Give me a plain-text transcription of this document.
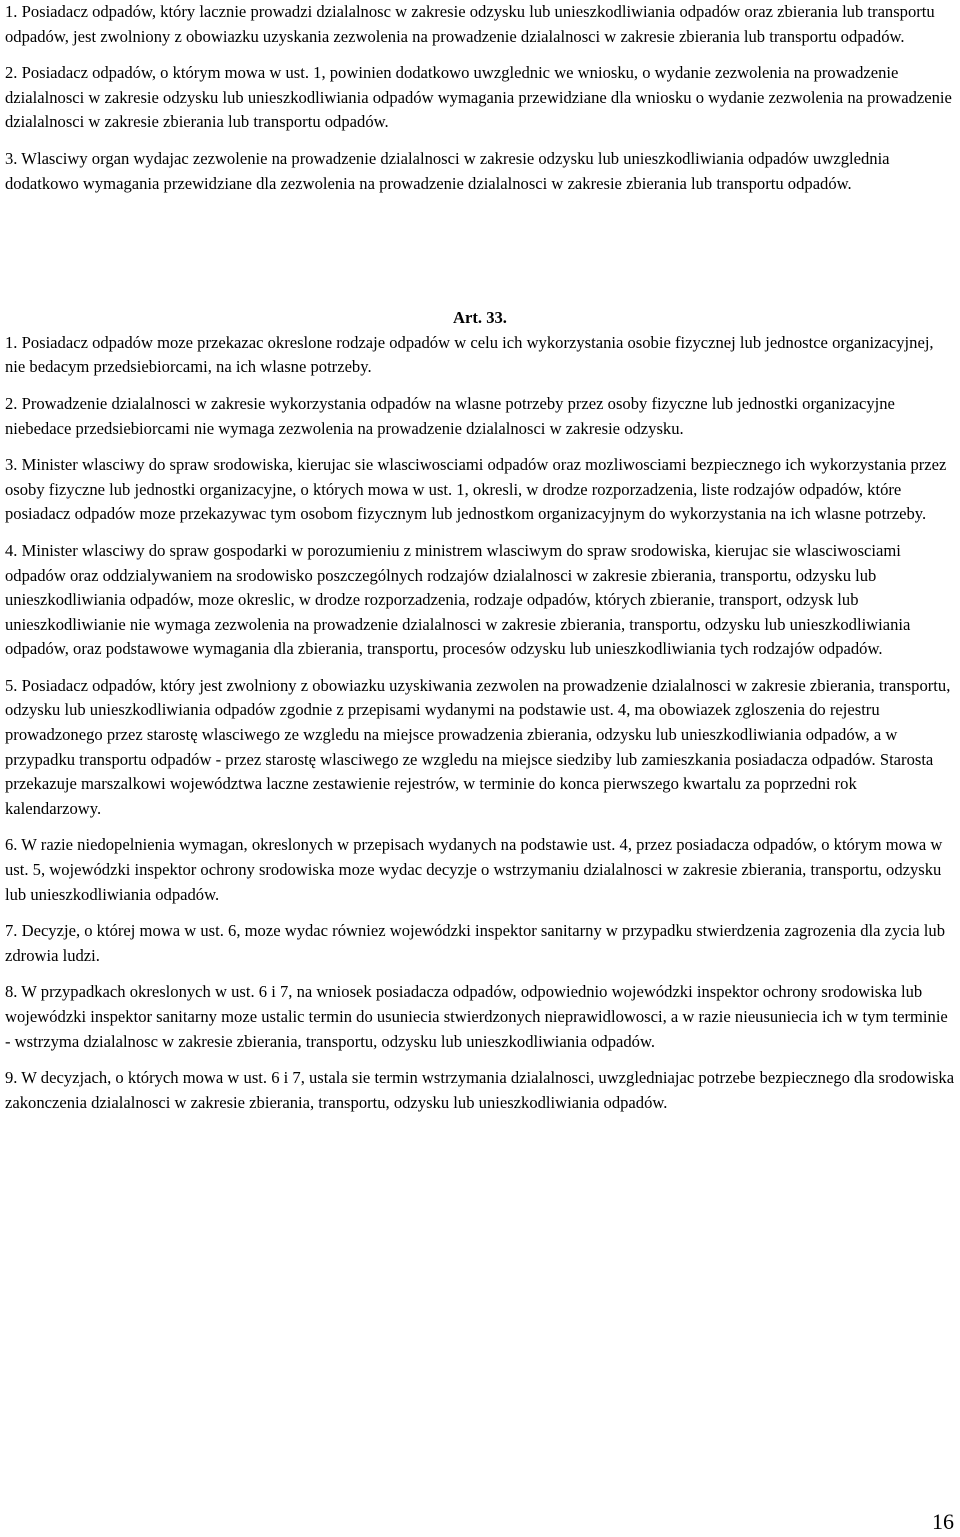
1. Posiadacz odpadów, który lacznie prowadzi dzialalnosc w zakresie odzysku lub unieszkodliwiania odpadów oraz zbierania lub transportu odpadów, jest zwolniony z obowiazku uzyskania zezwolenia na prowadzenie dzialalnosci w zakresie zbierania lub transportu odpadów.

2. Posiadacz odpadów, o którym mowa w ust. 1, powinien dodatkowo uwzglednic we wniosku, o wydanie zezwolenia na prowadzenie dzialalnosci w zakresie odzysku lub unieszkodliwiania odpadów wymagania przewidziane dla wniosku o wydanie zezwolenia na prowadzenie dzialalnosci w zakresie zbierania lub transportu odpadów.

3. Wlasciwy organ wydajac zezwolenie na prowadzenie dzialalnosci w zakresie odzysku lub unieszkodliwiania odpadów uwzglednia dodatkowo wymagania przewidziane dla zezwolenia na prowadzenie dzialalnosci w zakresie zbierania lub transportu odpadów.

Art. 33.

1. Posiadacz odpadów moze przekazac okreslone rodzaje odpadów w celu ich wykorzystania osobie fizycznej lub jednostce organizacyjnej, nie bedacym przedsiebiorcami, na ich wlasne potrzeby.

2. Prowadzenie dzialalnosci w zakresie wykorzystania odpadów na wlasne potrzeby przez osoby fizyczne lub jednostki organizacyjne niebedace przedsiebiorcami nie wymaga zezwolenia na prowadzenie dzialalnosci w zakresie odzysku.

3. Minister wlasciwy do spraw srodowiska, kierujac sie wlasciwosciami odpadów oraz mozliwosciami bezpiecznego ich wykorzystania przez osoby fizyczne lub jednostki organizacyjne, o których mowa w ust. 1, okresli, w drodze rozporzadzenia, liste rodzajów odpadów, które posiadacz odpadów moze przekazywac tym osobom fizycznym lub jednostkom organizacyjnym do wykorzystania na ich wlasne potrzeby.

4. Minister wlasciwy do spraw gospodarki w porozumieniu z ministrem wlasciwym do spraw srodowiska, kierujac sie wlasciwosciami odpadów oraz oddzialywaniem na srodowisko poszczególnych rodzajów dzialalnosci w zakresie zbierania, transportu, odzysku lub unieszkodliwiania odpadów, moze okreslic, w drodze rozporzadzenia, rodzaje odpadów, których zbieranie, transport, odzysk lub unieszkodliwianie nie wymaga zezwolenia na prowadzenie dzialalnosci w zakresie zbierania, transportu, odzysku lub unieszkodliwiania odpadów, oraz podstawowe wymagania dla zbierania, transportu, procesów odzysku lub unieszkodliwiania tych rodzajów odpadów.

5. Posiadacz odpadów, który jest zwolniony z obowiazku uzyskiwania zezwolen na prowadzenie dzialalnosci w zakresie zbierania, transportu, odzysku lub unieszkodliwiania odpadów zgodnie z przepisami wydanymi na podstawie ust. 4, ma obowiazek zgloszenia do rejestru prowadzonego przez starostę wlasciwego ze wzgledu na miejsce prowadzenia zbierania, odzysku lub unieszkodliwiania odpadów, a w przypadku transportu odpadów - przez starostę wlasciwego ze wzgledu na miejsce siedziby lub zamieszkania posiadacza odpadów. Starosta przekazuje marszalkowi województwa laczne zestawienie rejestrów, w terminie do konca pierwszego kwartalu za poprzedni rok kalendarzowy.

6. W razie niedopelnienia wymagan, okreslonych w przepisach wydanych na podstawie ust. 4, przez posiadacza odpadów, o którym mowa w ust. 5, wojewódzki inspektor ochrony srodowiska moze wydac decyzje o wstrzymaniu dzialalnosci w zakresie zbierania, transportu, odzysku lub unieszkodliwiania odpadów.

7. Decyzje, o której mowa w ust. 6, moze wydac równiez wojewódzki inspektor sanitarny w przypadku stwierdzenia zagrozenia dla zycia lub zdrowia ludzi.

8. W przypadkach okreslonych w ust. 6 i 7, na wniosek posiadacza odpadów, odpowiednio wojewódzki inspektor ochrony srodowiska lub wojewódzki inspektor sanitarny moze ustalic termin do usuniecia stwierdzonych nieprawidlowosci, a w razie nieusuniecia ich w tym terminie - wstrzyma dzialalnosc w zakresie zbierania, transportu, odzysku lub unieszkodliwiania odpadów.

9. W decyzjach, o których mowa w ust. 6 i 7, ustala sie termin wstrzymania dzialalnosci, uwzgledniajac potrzebe bezpiecznego dla srodowiska zakonczenia dzialalnosci w zakresie zbierania, transportu, odzysku lub unieszkodliwiania odpadów.

16
